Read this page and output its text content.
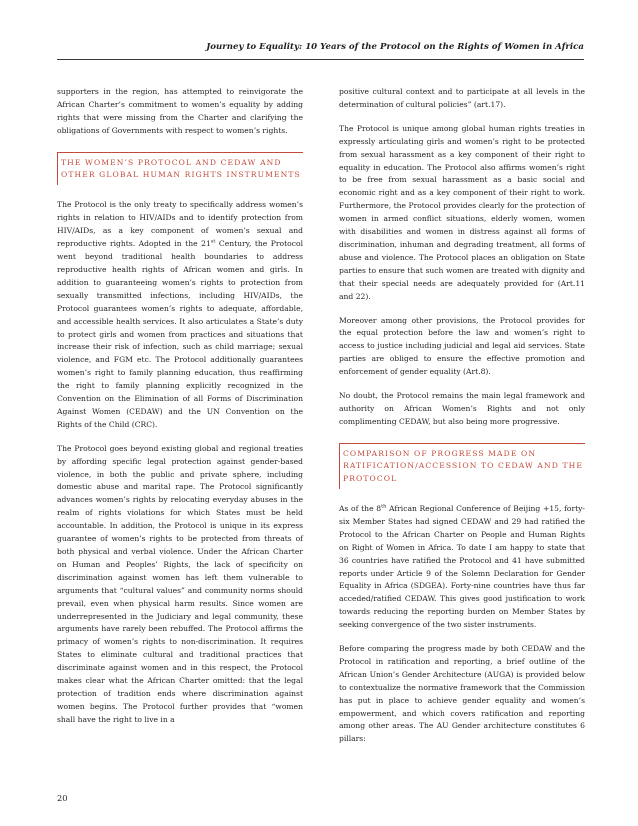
Journey to Equality: 10 Years of the Protocol on the Rights of Women in Africa

supporters in the region, has attempted to reinvigorate the African Charter’s commitment to women’s equality by adding rights that were missing from the Charter and clarifying the obligations of Governments with respect to women’s rights.

THE WOMEN’S PROTOCOL AND CEDAW AND
OTHER GLOBAL HUMAN RIGHTS INSTRUMENTS

The Protocol is the only treaty to specifically address women’s rights in relation to HIV/AIDs and to identify protection from HIV/AIDs, as a key component of women’s sexual and reproductive rights. Adopted in the 21st Century, the Protocol went beyond traditional health boundaries to address reproductive health rights of African women and girls. In addition to guaranteeing women’s rights to protection from sexually transmitted infections, including HIV/AIDs, the Protocol guarantees women’s rights to adequate, affordable, and accessible health services. It also articulates a State’s duty to protect girls and women from practices and situations that increase their risk of infection, such as child marriage; sexual violence, and FGM etc. The Protocol additionally guarantees women’s right to family planning education, thus reaffirming the right to family planning explicitly recognized in the Convention on the Elimination of all Forms of Discrimination Against Women (CEDAW) and the UN Convention on the Rights of the Child (CRC).

The Protocol goes beyond existing global and regional treaties by affording specific legal protection against gender-based violence, in both the public and private sphere, including domestic abuse and marital rape. The Protocol significantly advances women’s rights by relocating everyday abuses in the realm of rights violations for which States must be held accountable. In addition, the Protocol is unique in its express guarantee of women’s rights to be protected from threats of both physical and verbal violence. Under the African Charter on Human and Peoples’ Rights, the lack of specificity on discrimination against women has left them vulnerable to arguments that “cultural values” and community norms should prevail, even when physical harm results. Since women are underrepresented in the Judiciary and legal community, these arguments have rarely been rebuffed. The Protocol affirms the primacy of women’s rights to non-discrimination. It requires States to eliminate cultural and traditional practices that discriminate against women and in this respect, the Protocol makes clear what the African Charter omitted: that the legal protection of tradition ends where discrimination against women begins. The Protocol further provides that “women shall have the right to live in a

positive cultural context and to participate at all levels in the determination of cultural policies” (art.17).

The Protocol is unique among global human rights treaties in expressly articulating girls and women’s right to be protected from sexual harassment as a key component of their right to equality in education. The Protocol also affirms women’s right to be free from sexual harassment as a basic social and economic right and as a key component of their right to work. Furthermore, the Protocol provides clearly for the protection of women in armed conflict situations, elderly women, women with disabilities and women in distress against all forms of discrimination, inhuman and degrading treatment, all forms of abuse and violence. The Protocol places an obligation on State parties to ensure that such women are treated with dignity and that their special needs are adequately provided for (Art.11 and 22).

Moreover among other provisions, the Protocol provides for the equal protection before the law and women’s right to access to justice including judicial and legal aid services. State parties are obliged to ensure the effective promotion and enforcement of gender equality (Art.8).

No doubt, the Protocol remains the main legal framework and authority on African Women’s Rights and not only complimenting CEDAW, but also being more progressive.

COMPARISON OF PROGRESS MADE ON
RATIFICATION/ACCESSION TO CEDAW AND THE
PROTOCOL

As of the 8th African Regional Conference of Beijing +15, forty-six Member States had signed CEDAW and 29 had ratified the Protocol to the African Charter on People and Human Rights on Right of Women in Africa. To date I am happy to state that 36 countries have ratified the Protocol and 41 have submitted reports under Article 9 of the Solemn Declaration for Gender Equality in Africa (SDGEA). Forty-nine countries have thus far acceded/ratified CEDAW. This gives good justification to work towards reducing the reporting burden on Member States by seeking convergence of the two sister instruments.

Before comparing the progress made by both CEDAW and the Protocol in ratification and reporting, a brief outline of the African Union’s Gender Architecture (AUGA) is provided below to contextualize the normative framework that the Commission has put in place to achieve gender equality and women’s empowerment, and which covers ratification and reporting among other areas. The AU Gender architecture constitutes 6 pillars:

20
